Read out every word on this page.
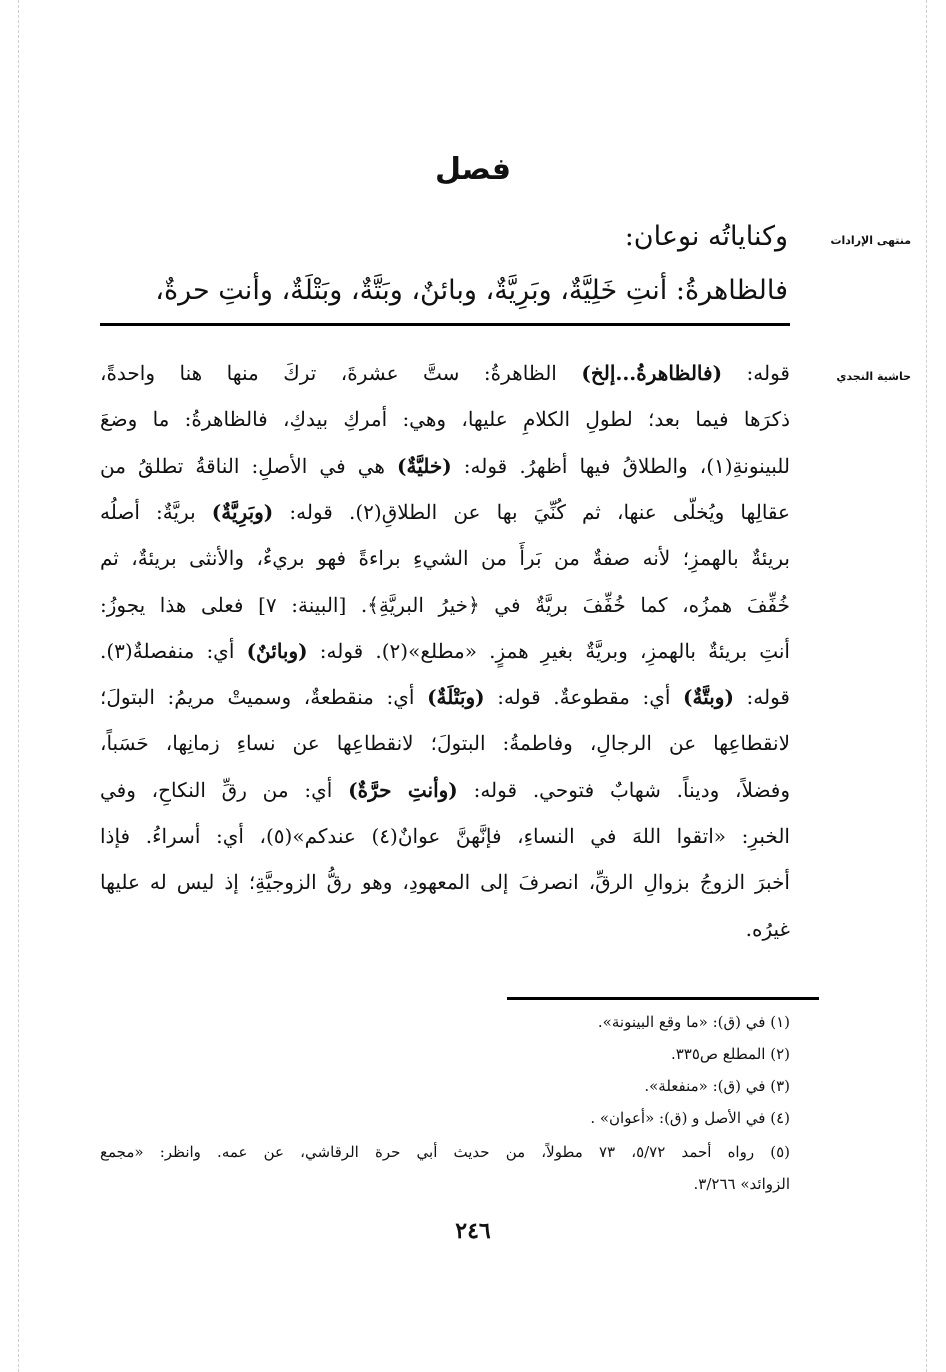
فصل
منتهى الإرادات
حاشية النجدي
وكناياتُه نوعان:
فالظاهرةُ: أنتِ خَلِيَّةٌ، وبَرِيَّةٌ، وبائنٌ، وبَتَّةٌ، وبَتْلَةٌ، وأنتِ حرةٌ،
قوله: (فالظاهرةُ...إلخ) الظاهرةُ: ستَّ عشرةَ، تركَ منها هنا واحدةً،
ذكرَها فيما بعد؛ لطولِ الكلامِ عليها، وهي: أمركِ بيدكِ، فالظاهرةُ: ما وضعَ
للبينونةِ(١)، والطلاقُ فيها أظهرُ. قوله: (خليَّةٌ) هي في الأصلِ: الناقةُ تطلقُ من
عقالِها ويُخلّى عنها، ثم كُنِّيَ بها عن الطلاقِ(٢). قوله: (وبَرِيَّةٌ) بريَّةٌ: أصلُه
بريئةٌ بالهمزِ؛ لأنه صفةٌ من بَرأَ من الشيءِ براءةً فهو بريءٌ، والأنثى بريئةٌ، ثم
خُفِّفَ همزُه، كما خُفِّفَ بريَّةٌ في ﴿خيرُ البريَّةِ﴾. [البينة: ٧] فعلى هذا يجوزُ:
أنتِ بريئةٌ بالهمزِ، وبريَّةٌ بغيرِ همزٍ. «مطلع»(٢). قوله: (وبائنٌ) أي: منفصلةٌ(٣).
قوله: (وبتَّةٌ) أي: مقطوعةٌ. قوله: (وبَتْلَةٌ) أي: منقطعةٌ، وسميتْ مريمُ: البتولَ؛
لانقطاعِها عن الرجالِ، وفاطمةُ: البتولَ؛ لانقطاعِها عن نساءِ زمانِها، حَسَباً،
وفضلاً، وديناً. شهابٌ فتوحي. قوله: (وأنتِ حرَّةٌ) أي: من رقِّ النكاحِ، وفي
الخبرِ: «اتقوا اللهَ في النساءِ، فإنَّهنَّ عوانٌ(٤) عندكم»(٥)، أي: أسراءُ. فإذا
أخبرَ الزوجُ بزوالِ الرقِّ، انصرفَ إلى المعهودِ، وهو رقُّ الزوجيَّةِ؛ إذ ليس له عليها
غيرُه.
(١) في (ق): «ما وقع البينونة».
(٢) المطلع ص٣٣٥.
(٣) في (ق): «منفعلة».
(٤) في الأصل و (ق): «أعوان» .
(٥) رواه أحمد ٥/٧٢، ٧٣ مطولاً، من حديث أبي حرة الرقاشي، عن عمه. وانظر: «مجمع
الزوائد» ٣/٢٦٦.
٢٤٦
